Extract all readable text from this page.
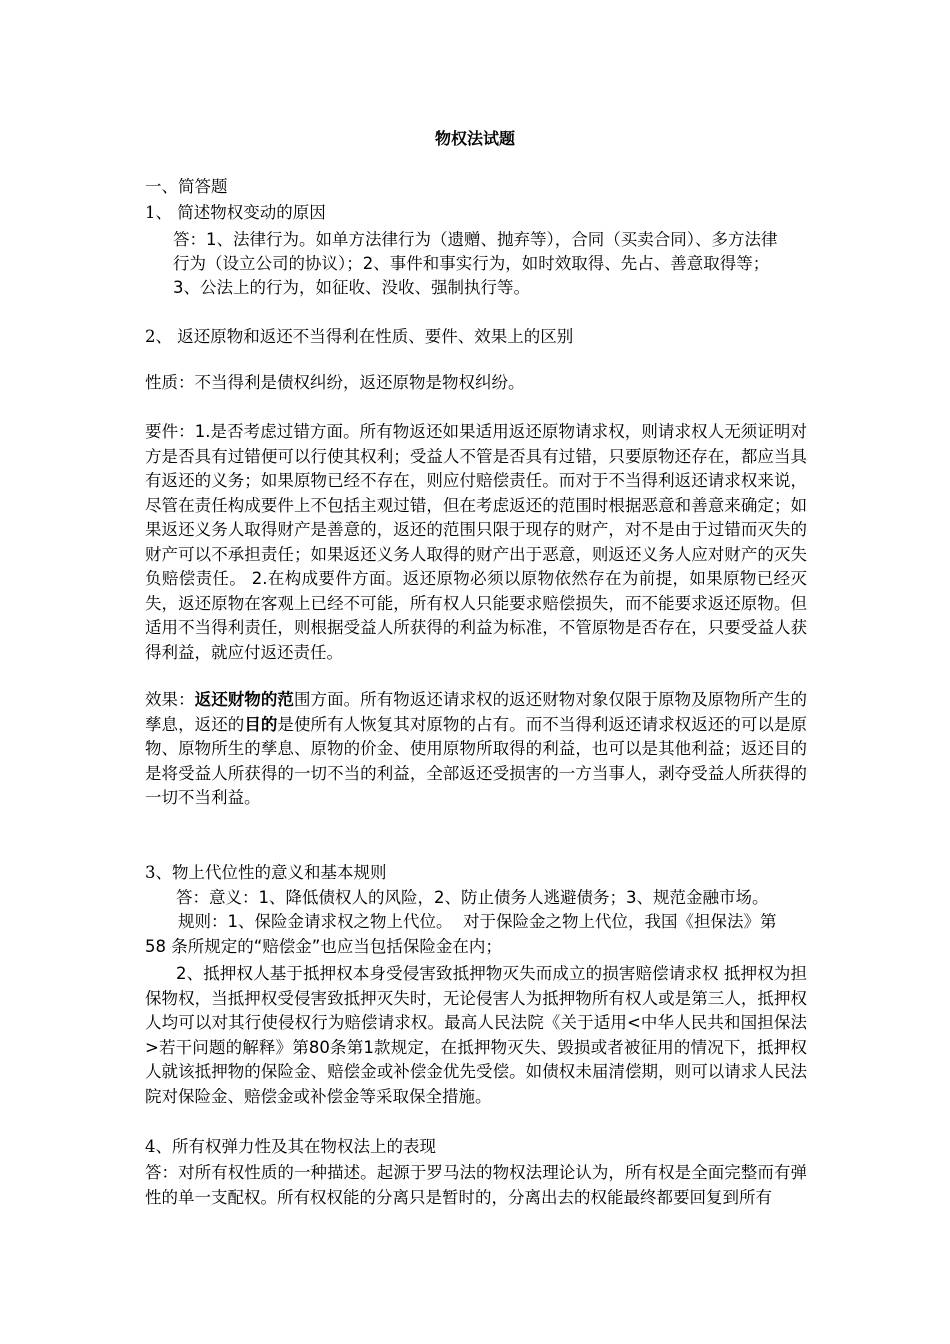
物权法试题

一、简答题

1、 简述物权变动的原因

答：1、法律行为。如单方法律行为（遗赠、抛弃等），合同（买卖合同）、多方法律

行为（设立公司的协议）；2、事件和事实行为，如时效取得、先占、善意取得等；

3、公法上的行为，如征收、没收、强制执行等。

2、 返还原物和返还不当得利在性质、要件、效果上的区别

性质：不当得利是债权纠纷，返还原物是物权纠纷。

要件：1.是否考虑过错方面。所有物返还如果适用返还原物请求权，则请求权人无须证明对方是否具有过错便可以行使其权利；受益人不管是否具有过错，只要原物还存在，都应当具有返还的义务；如果原物已经不存在，则应付赔偿责任。而对于不当得利返还请求权来说，尽管在责任构成要件上不包括主观过错，但在考虑返还的范围时根据恶意和善意来确定；如果返还义务人取得财产是善意的，返还的范围只限于现存的财产，对不是由于过错而灭失的财产可以不承担责任；如果返还义务人取得的财产出于恶意，则返还义务人应对财产的灭失负赔偿责任。 2.在构成要件方面。返还原物必须以原物依然存在为前提，如果原物已经灭失，返还原物在客观上已经不可能，所有权人只能要求赔偿损失，而不能要求返还原物。但适用不当得利责任，则根据受益人所获得的利益为标准，不管原物是否存在，只要受益人获得利益，就应付返还责任。

效果：返还财物的范围方面。所有物返还请求权的返还财物对象仅限于原物及原物所产生的孳息，返还的目的是使所有人恢复其对原物的占有。而不当得利返还请求权返还的可以是原物、原物所生的孳息、原物的价金、使用原物所取得的利益，也可以是其他利益；返还目的是将受益人所获得的一切不当的利益，全部返还受损害的一方当事人，剥夺受益人所获得的一切不当利益。

3、物上代位性的意义和基本规则

答：意义：1、降低债权人的风险，2、防止债务人逃避债务；3、规范金融市场。

规则：1、保险金请求权之物上代位。  对于保险金之物上代位，我国《担保法》第

58 条所规定的“赔偿金”也应当包括保险金在内；

2、抵押权人基于抵押权本身受侵害致抵押物灭失而成立的损害赔偿请求权 抵押权为担保物权，当抵押权受侵害致抵押灭失时，无论侵害人为抵押物所有权人或是第三人，抵押权人均可以对其行使侵权行为赔偿请求权。最高人民法院《关于适用<中华人民共和国担保法>若干问题的解释》第80条第1款规定，在抵押物灭失、毁损或者被征用的情况下，抵押权人就该抵押物的保险金、赔偿金或补偿金优先受偿。如债权未届清偿期，则可以请求人民法院对保险金、赔偿金或补偿金等采取保全措施。

4、所有权弹力性及其在物权法上的表现

答：对所有权性质的一种描述。起源于罗马法的物权法理论认为，所有权是全面完整而有弹性的单一支配权。所有权权能的分离只是暂时的，分离出去的权能最终都要回复到所有
